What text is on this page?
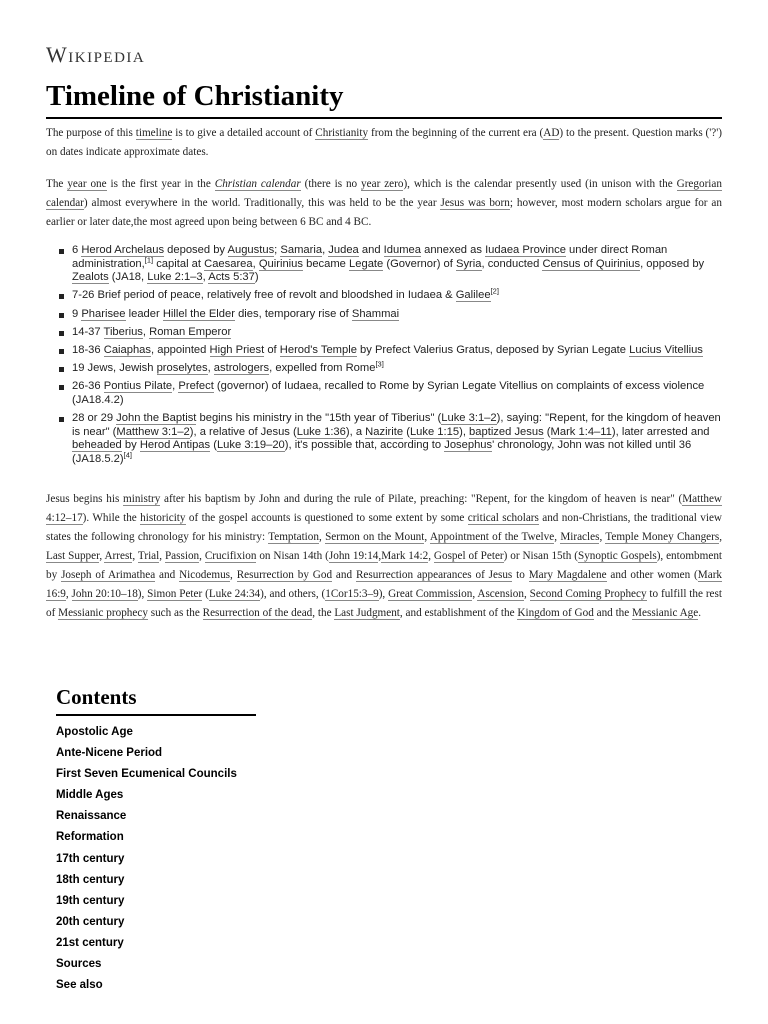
Wikipedia
Timeline of Christianity

The purpose of this timeline is to give a detailed account of Christianity from the beginning of the current era (AD) to the present. Question marks ('?') on dates indicate approximate dates.

The year one is the first year in the Christian calendar (there is no year zero), which is the calendar presently used (in unison with the Gregorian calendar) almost everywhere in the world. Traditionally, this was held to be the year Jesus was born; however, most modern scholars argue for an earlier or later date,the most agreed upon being between 6 BC and 4 BC.

6 Herod Archelaus deposed by Augustus; Samaria, Judea and Idumea annexed as Iudaea Province under direct Roman administration,[1] capital at Caesarea, Quirinius became Legate (Governor) of Syria, conducted Census of Quirinius, opposed by Zealots (JA18, Luke 2:1–3, Acts 5:37)
7-26 Brief period of peace, relatively free of revolt and bloodshed in Iudaea & Galilee[2]
9 Pharisee leader Hillel the Elder dies, temporary rise of Shammai
14-37 Tiberius, Roman Emperor
18-36 Caiaphas, appointed High Priest of Herod's Temple by Prefect Valerius Gratus, deposed by Syrian Legate Lucius Vitellius
19 Jews, Jewish proselytes, astrologers, expelled from Rome[3]
26-36 Pontius Pilate, Prefect (governor) of Iudaea, recalled to Rome by Syrian Legate Vitellius on complaints of excess violence (JA18.4.2)
28 or 29 John the Baptist begins his ministry in the "15th year of Tiberius" (Luke 3:1–2), saying: "Repent, for the kingdom of heaven is near" (Matthew 3:1–2), a relative of Jesus (Luke 1:36), a Nazirite (Luke 1:15), baptized Jesus (Mark 1:4–11), later arrested and beheaded by Herod Antipas (Luke 3:19–20), it's possible that, according to Josephus' chronology, John was not killed until 36 (JA18.5.2)[4]

Jesus begins his ministry after his baptism by John and during the rule of Pilate, preaching: "Repent, for the kingdom of heaven is near" (Matthew 4:12–17). While the historicity of the gospel accounts is questioned to some extent by some critical scholars and non-Christians, the traditional view states the following chronology for his ministry: Temptation, Sermon on the Mount, Appointment of the Twelve, Miracles, Temple Money Changers, Last Supper, Arrest, Trial, Passion, Crucifixion on Nisan 14th (John 19:14,Mark 14:2, Gospel of Peter) or Nisan 15th (Synoptic Gospels), entombment by Joseph of Arimathea and Nicodemus, Resurrection by God and Resurrection appearances of Jesus to Mary Magdalene and other women (Mark 16:9, John 20:10–18), Simon Peter (Luke 24:34), and others, (1Cor15:3–9), Great Commission, Ascension, Second Coming Prophecy to fulfill the rest of Messianic prophecy such as the Resurrection of the dead, the Last Judgment, and establishment of the Kingdom of God and the Messianic Age.

Contents
Apostolic Age
Ante-Nicene Period
First Seven Ecumenical Councils
Middle Ages
Renaissance
Reformation
17th century
18th century
19th century
20th century
21st century
Sources
See also
